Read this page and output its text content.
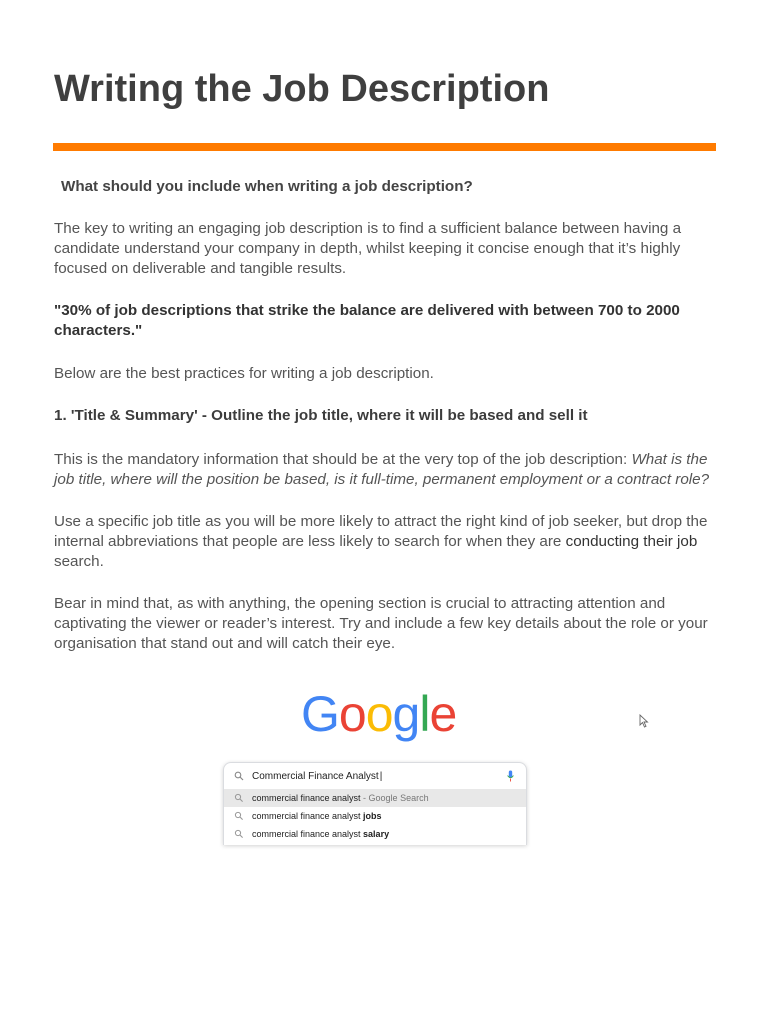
Writing the Job Description

What should you include when writing a job description?

The key to writing an engaging job description is to find a sufficient balance between having a candidate understand your company in depth, whilst keeping it concise enough that it’s highly focused on deliverable and tangible results.

"30% of job descriptions that strike the balance are delivered with between 700 to 2000 characters."

Below are the best practices for writing a job description.

1. 'Title & Summary' - Outline the job title, where it will be based and sell it

This is the mandatory information that should be at the very top of the job description: What is the job title, where will the position be based, is it full-time, permanent employment or a contract role?

Use a specific job title as you will be more likely to attract the right kind of job seeker, but drop the internal abbreviations that people are less likely to search for when they are conducting their job search.

Bear in mind that, as with anything, the opening section is crucial to attracting attention and captivating the viewer or reader’s interest. Try and include a few key details about the role or your organisation that stand out and will catch their eye.

Google
Commercial Finance Analyst |
commercial finance analyst - Google Search
commercial finance analyst jobs
commercial finance analyst salary
